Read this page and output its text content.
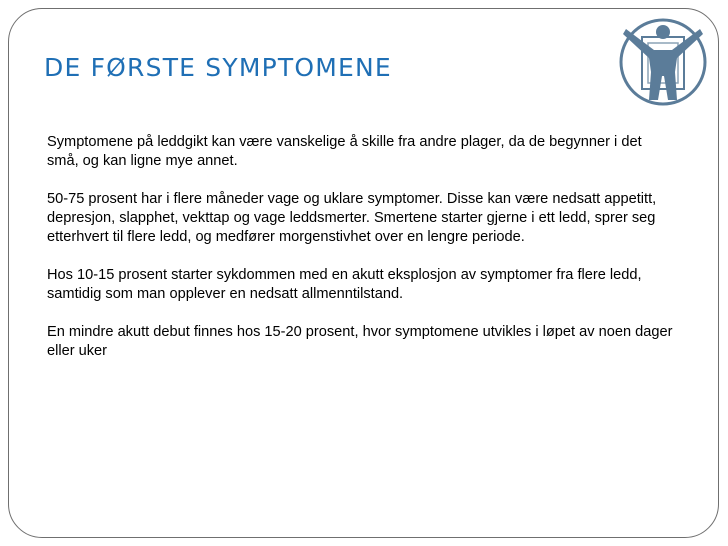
DE FØRSTE SYMPTOMENE

Symptomene på leddgikt kan være vanskelige å skille fra andre plager, da de begynner i det små, og kan ligne mye annet.

50-75 prosent har i flere måneder vage og uklare symptomer. Disse kan være nedsatt appetitt, depresjon, slapphet, vekttap og vage leddsmerter. Smertene starter gjerne i ett ledd, sprer seg etterhvert til flere ledd, og medfører morgenstivhet over en lengre periode.

Hos 10-15 prosent starter sykdommen med en akutt eksplosjon av symptomer fra flere ledd, samtidig som man opplever en nedsatt allmenntilstand.

En mindre akutt debut finnes hos 15-20 prosent, hvor symptomene utvikles i løpet av noen dager eller uker
